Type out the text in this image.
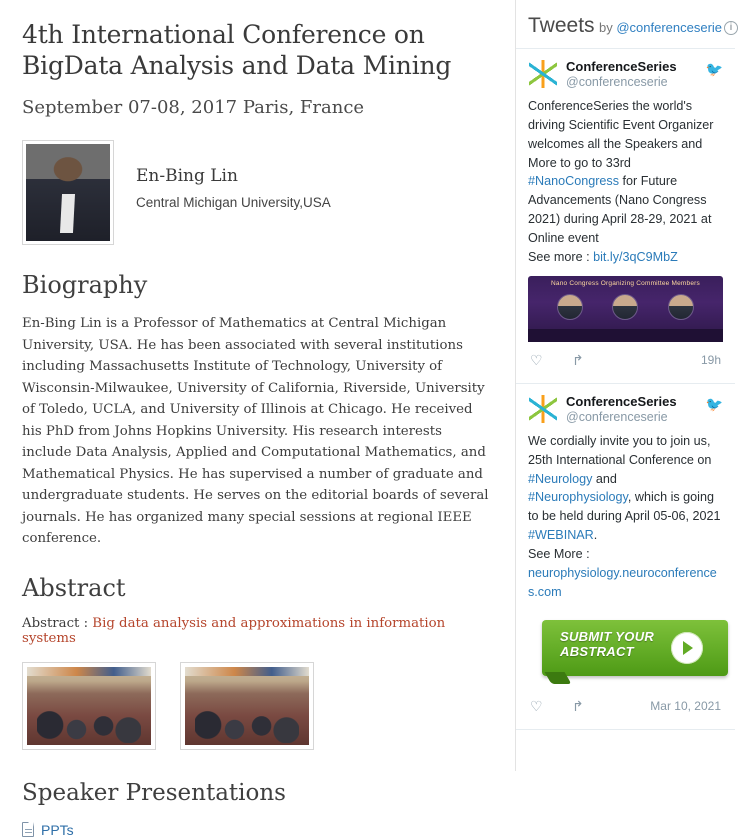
4th International Conference on BigData Analysis and Data Mining
September 07-08, 2017 Paris, France
En-Bing Lin

Central Michigan University,USA

Biography

En-Bing Lin is a Professor of Mathematics at Central Michigan University, USA. He has been associated with several institutions including Massachusetts Institute of Technology, University of Wisconsin-Milwaukee, University of California, Riverside, University of Toledo, UCLA, and University of Illinois at Chicago. He received his PhD from Johns Hopkins University. His research interests include Data Analysis, Applied and Computational Mathematics, and Mathematical Physics. He has supervised a number of graduate and undergraduate students. He serves on the editorial boards of several journals. He has organized many special sessions at regional IEEE conference.

Abstract

Abstract : Big data analysis and approximations in information systems

Speaker Presentations
PPTs
Tweets by @conferenceserie i
🐦
ConferenceSeries
@conferenceserie
ConferenceSeries the world's driving Scientific Event Organizer welcomes all the Speakers and More to go to 33rd #NanoCongress for Future Advancements (Nano Congress 2021) during April 28-29, 2021 at Online event
See more : bit.ly/3qC9MbZ
Nano Congress Organizing Committee Members
♡	↱	19h
🐦
ConferenceSeries
@conferenceserie
We cordially invite you to join us, 25th International Conference on #Neurology and #Neurophysiology, which is going to be held during April 05-06, 2021 #WEBINAR.
See More : neurophysiology.neuroconferences.com
SUBMIT YOUR
ABSTRACT
♡	↱	Mar 10, 2021
